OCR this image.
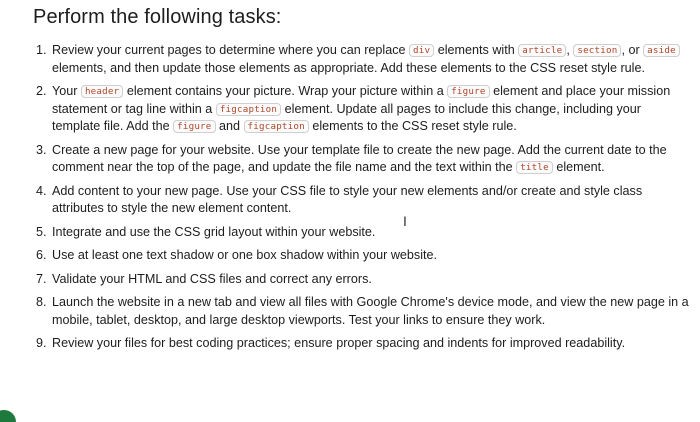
Perform the following tasks:
1. Review your current pages to determine where you can replace div elements with article , section , or aside
elements, and then update those elements as appropriate. Add these elements to the CSS reset style rule.
2. Your header element contains your picture. Wrap your picture within a figure element and place your mission
statement or tag line within a figcaption element. Update all pages to include this change, including your
template file. Add the figure and figcaption elements to the CSS reset style rule.
3. Create a new page for your website. Use your template file to create the new page. Add the current date to the
comment near the top of the page, and update the file name and the text within the title element.
4. Add content to your new page. Use your CSS file to style your new elements and/or create and style class
attributes to style the new element content.
5. Integrate and use the CSS grid layout within your website.
6. Use at least one text shadow or one box shadow within your website.
7. Validate your HTML and CSS files and correct any errors.
8. Launch the website in a new tab and view all files with Google Chrome's device mode, and view the new page in a
mobile, tablet, desktop, and large desktop viewports. Test your links to ensure they work.
9. Review your files for best coding practices; ensure proper spacing and indents for improved readability.
I
